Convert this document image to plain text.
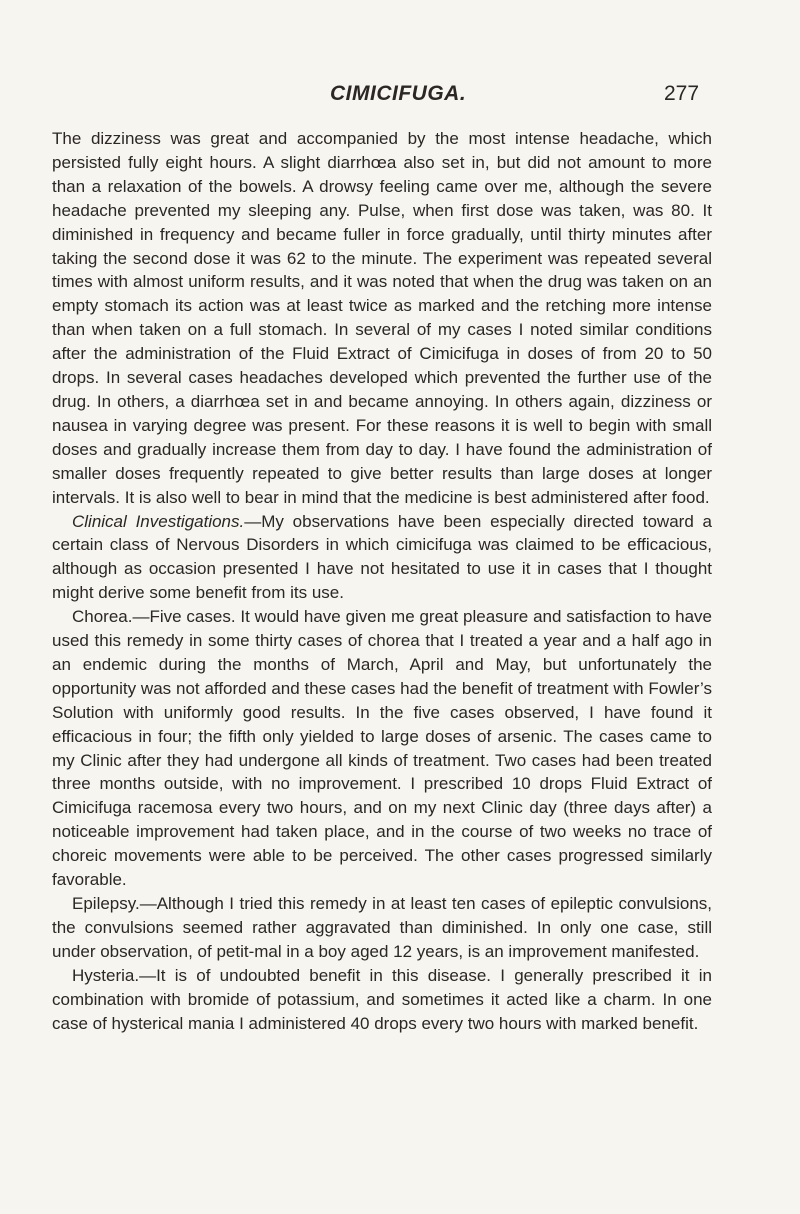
CIMICIFUGA.	277

The dizziness was great and accompanied by the most intense headache, which persisted fully eight hours. A slight diarrhœa also set in, but did not amount to more than a relaxation of the bowels. A drowsy feeling came over me, although the severe headache prevented my sleeping any. Pulse, when first dose was taken, was 80. It diminished in frequency and became fuller in force gradually, until thirty minutes after taking the second dose it was 62 to the minute. The experiment was repeated several times with almost uniform results, and it was noted that when the drug was taken on an empty stomach its action was at least twice as marked and the retching more intense than when taken on a full stomach. In several of my cases I noted similar conditions after the administration of the Fluid Extract of Cimicifuga in doses of from 20 to 50 drops. In several cases headaches developed which prevented the further use of the drug. In others, a diarrhœa set in and became annoying. In others again, dizziness or nausea in varying degree was present. For these reasons it is well to begin with small doses and gradually increase them from day to day. I have found the administration of smaller doses frequently repeated to give better results than large doses at longer intervals. It is also well to bear in mind that the medicine is best administered after food.

Clinical Investigations.—My observations have been especially directed toward a certain class of Nervous Disorders in which cimicifuga was claimed to be efficacious, although as occasion presented I have not hesitated to use it in cases that I thought might derive some benefit from its use.

Chorea.—Five cases. It would have given me great pleasure and satisfaction to have used this remedy in some thirty cases of chorea that I treated a year and a half ago in an endemic during the months of March, April and May, but unfortunately the opportunity was not afforded and these cases had the benefit of treatment with Fowler’s Solution with uniformly good results. In the five cases observed, I have found it efficacious in four; the fifth only yielded to large doses of arsenic. The cases came to my Clinic after they had undergone all kinds of treatment. Two cases had been treated three months outside, with no improvement. I prescribed 10 drops Fluid Extract of Cimicifuga racemosa every two hours, and on my next Clinic day (three days after) a noticeable improvement had taken place, and in the course of two weeks no trace of choreic movements were able to be perceived. The other cases progressed similarly favorable.

Epilepsy.—Although I tried this remedy in at least ten cases of epileptic convulsions, the convulsions seemed rather aggravated than diminished. In only one case, still under observation, of petit-mal in a boy aged 12 years, is an improvement manifested.

Hysteria.—It is of undoubted benefit in this disease. I generally prescribed it in combination with bromide of potassium, and sometimes it acted like a charm. In one case of hysterical mania I administered 40 drops every two hours with marked benefit.
